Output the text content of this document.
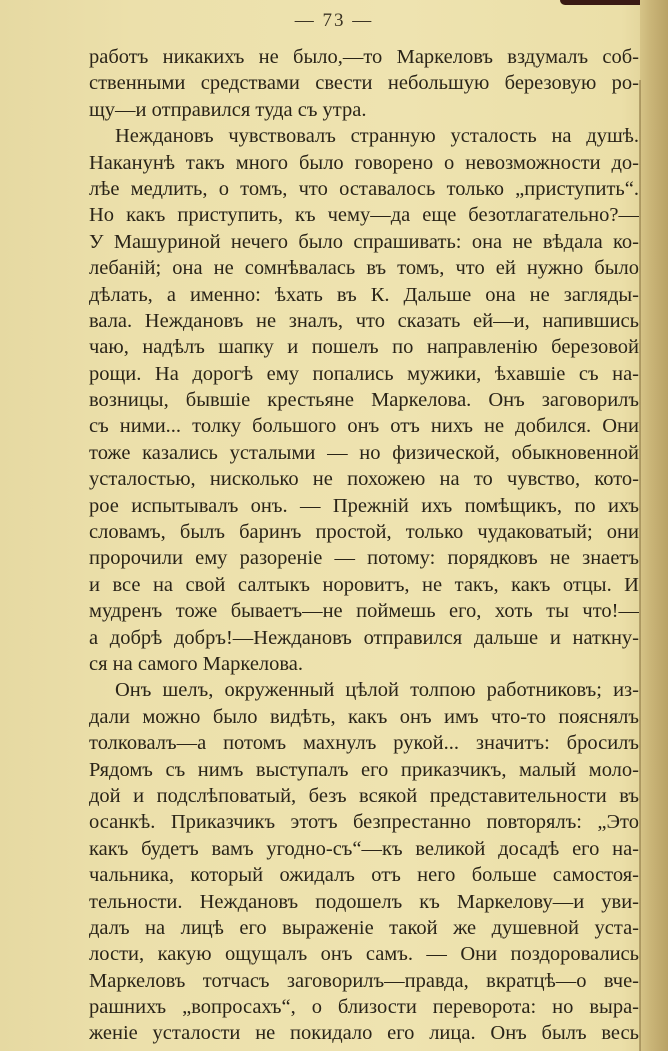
— 73 —
работъ никакихъ не было,—то Маркеловъ вздумалъ соб-
ственными средствами свести небольшую березовую ро-
щу—и отправился туда съ утра.
Неждановъ чувствовалъ странную усталость на душѣ.
Наканунѣ такъ много было говорено о невозможности до-
лѣе медлить, о томъ, что оставалось только „приступить“.
Но какъ приступить, къ чему—да еще безотлагательно?—
У Машуриной нечего было спрашивать: она не вѣдала ко-
лебаній; она не сомнѣвалась въ томъ, что ей нужно было
дѣлать, а именно: ѣхать въ К. Дальше она не загляды-
вала. Неждановъ не зналъ, что сказать ей—и, напившись
чаю, надѣлъ шапку и пошелъ по направленію березовой
рощи. На дорогѣ ему попались мужики, ѣхавшіе съ на-
возницы, бывшіе крестьяне Маркелова. Онъ заговорилъ
съ ними... толку большого онъ отъ нихъ не добился. Они
тоже казались усталыми — но физической, обыкновенной
усталостью, нисколько не похожею на то чувство, кото-
рое испытывалъ онъ. — Прежній ихъ помѣщикъ, по ихъ
словамъ, былъ баринъ простой, только чудаковатый; они
пророчили ему разореніе — потому: порядковъ не знаетъ
и все на свой салтыкъ норовитъ, не такъ, какъ отцы. И
мудренъ тоже бываетъ—не поймешь его, хоть ты что!—
а добрѣ добръ!—Неждановъ отправился дальше и наткну-
ся на самого Маркелова.
Онъ шелъ, окруженный цѣлой толпою работниковъ; из-
дали можно было видѣть, какъ онъ имъ что-то пояснялъ
толковалъ—а потомъ махнулъ рукой... значитъ: бросилъ
Рядомъ съ нимъ выступалъ его приказчикъ, малый моло-
дой и подслѣповатый, безъ всякой представительности въ
осанкѣ. Приказчикъ этотъ безпрестанно повторялъ: „Это
какъ будетъ вамъ угодно-съ“—къ великой досадѣ его на-
чальника, который ожидалъ отъ него больше самостоя-
тельности. Неждановъ подошелъ къ Маркелову—и уви-
далъ на лицѣ его выраженіе такой же душевной уста-
лости, какую ощущалъ онъ самъ. — Они поздоровались
Маркеловъ тотчасъ заговорилъ—правда, вкратцѣ—о вче-
рашнихъ „вопросахъ“, о близости переворота: но выра-
женіе усталости не покидало его лица. Онъ былъ весь
